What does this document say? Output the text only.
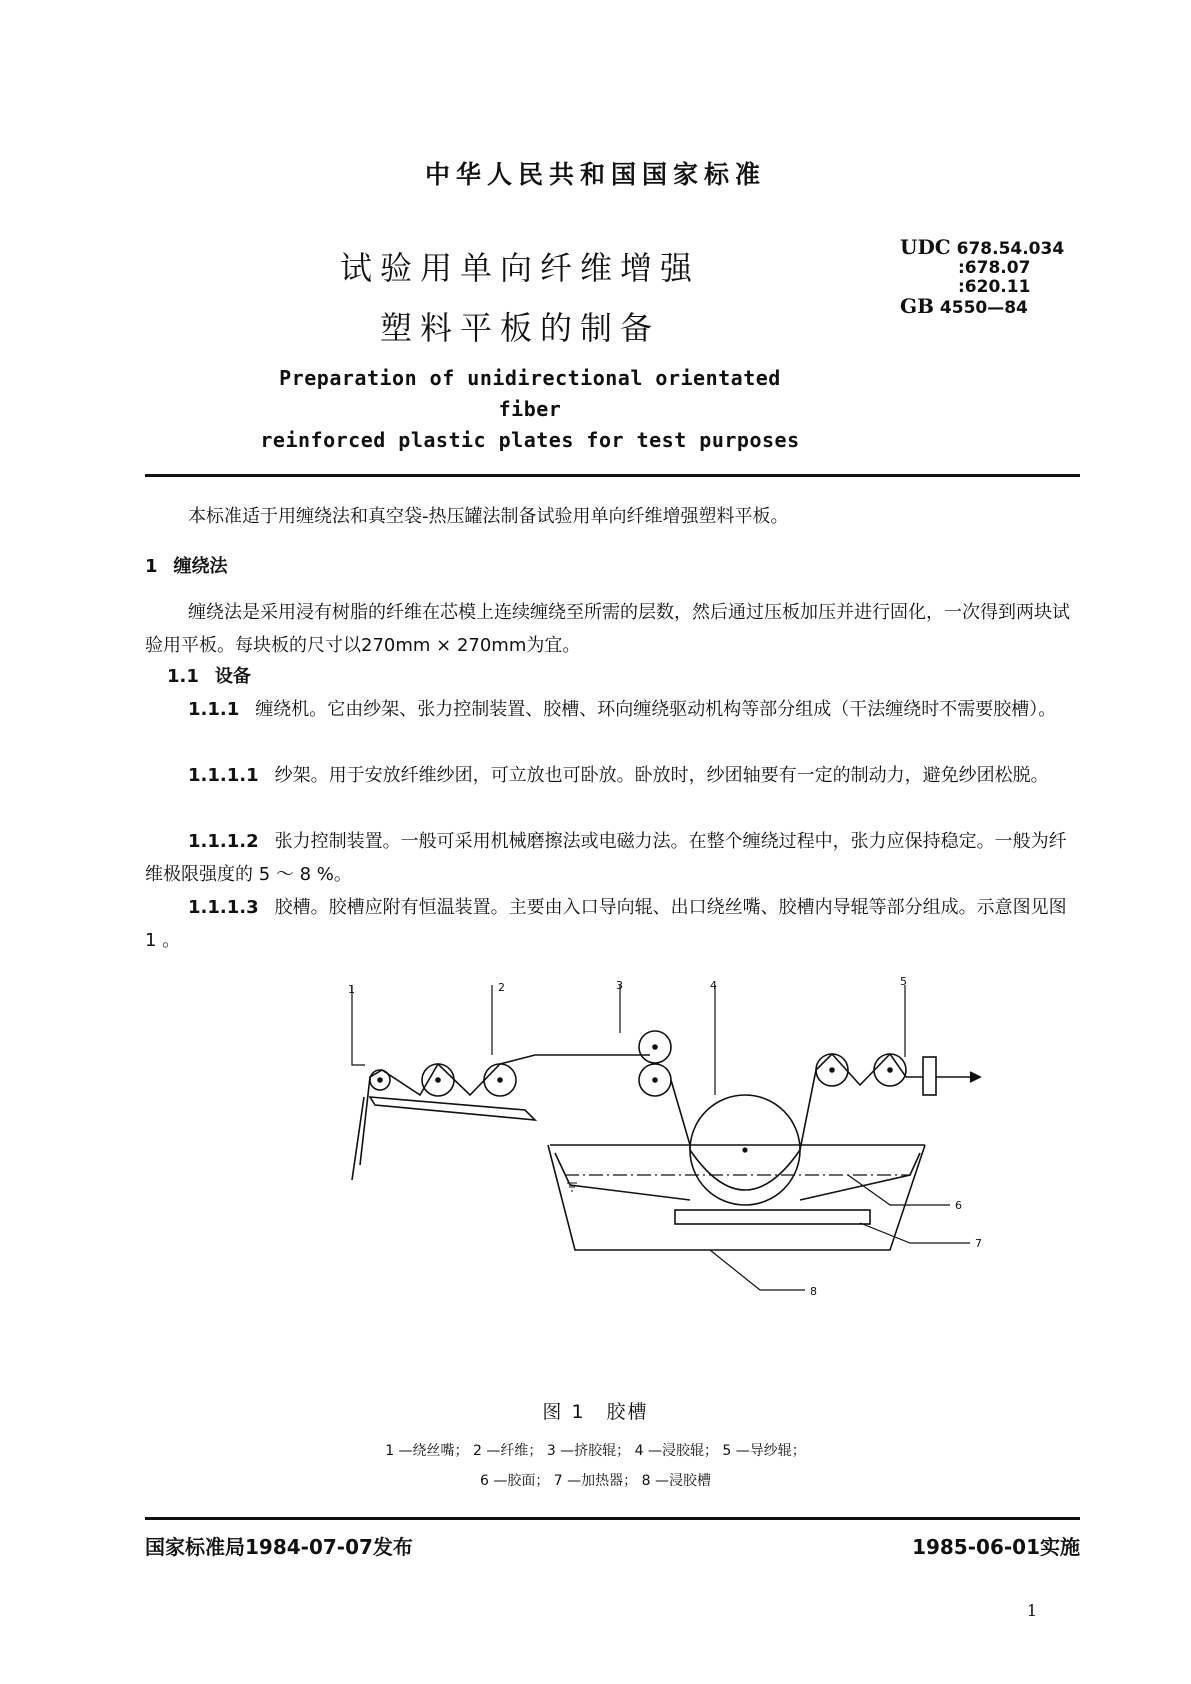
中华人民共和国国家标准
试验用单向纤维增强
塑料平板的制备
UDC 678.54.034
:678.07
:620.11
GB 4550—84
Preparation of unidirectional orientated fiber
reinforced plastic plates for test purposes
本标准适于用缠绕法和真空袋-热压罐法制备试验用单向纤维增强塑料平板。
1 缠绕法
缠绕法是采用浸有树脂的纤维在芯模上连续缠绕至所需的层数，然后通过压板加压并进行固化，一次得到两块试验用平板。每块板的尺寸以270mm × 270mm为宜。
1.1 设备
1.1.1 缠绕机。它由纱架、张力控制装置、胶槽、环向缠绕驱动机构等部分组成（干法缠绕时不需要胶槽）。
1.1.1.1 纱架。用于安放纤维纱团，可立放也可卧放。卧放时，纱团轴要有一定的制动力，避免纱团松脱。
1.1.1.2 张力控制装置。一般可采用机械磨擦法或电磁力法。在整个缠绕过程中，张力应保持稳定。一般为纤维极限强度的 5 ～ 8 %。
1.1.1.3 胶槽。胶槽应附有恒温装置。主要由入口导向辊、出口绕丝嘴、胶槽内导辊等部分组成。示意图见图 1 。
1	2	3	4	5
6
7
8
图 1　胶槽
1 —绕丝嘴； 2 —纤维； 3 —挤胶辊； 4 —浸胶辊； 5 —导纱辊；
6 —胶面； 7 —加热器； 8 —浸胶槽
国家标准局1984-07-07发布	1985-06-01实施
1
